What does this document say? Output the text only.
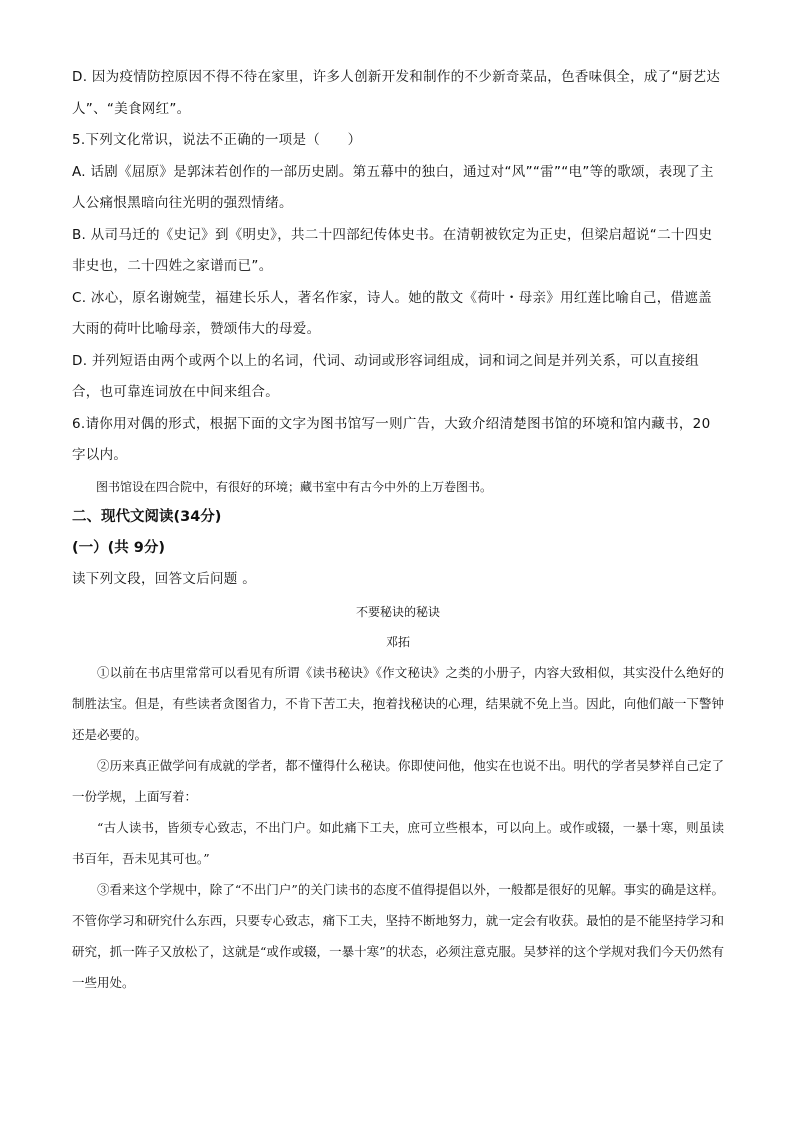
D. 因为疫情防控原因不得不待在家里，许多人创新开发和制作的不少新奇菜品，色香味俱全，成了“厨艺达人”、“美食网红”。

5.下列文化常识，说法不正确的一项是（　　）

A. 话剧《屈原》是郭沫若创作的一部历史剧。第五幕中的独白，通过对“风”“雷”“电”等的歌颂，表现了主人公痛恨黑暗向往光明的强烈情绪。

B. 从司马迁的《史记》到《明史》，共二十四部纪传体史书。在清朝被钦定为正史，但梁启超说“二十四史非史也，二十四姓之家谱而已”。

C. 冰心，原名谢婉莹，福建长乐人，著名作家，诗人。她的散文《荷叶・母亲》用红莲比喻自己，借遮盖大雨的荷叶比喻母亲，赞颂伟大的母爱。

D. 并列短语由两个或两个以上的名词，代词、动词或形容词组成，词和词之间是并列关系，可以直接组合，也可靠连词放在中间来组合。

6.请你用对偶的形式，根据下面的文字为图书馆写一则广告，大致介绍清楚图书馆的环境和馆内藏书，20字以内。

图书馆设在四合院中，有很好的环境；藏书室中有古今中外的上万卷图书。

二、现代文阅读(34分)

(一）(共 9分)

读下列文段，回答文后问题 。

不要秘诀的秘诀

邓拓

①以前在书店里常常可以看见有所谓《读书秘诀》《作文秘诀》之类的小册子，内容大致相似，其实没什么绝好的制胜法宝。但是，有些读者贪图省力，不肯下苦工夫，抱着找秘诀的心理，结果就不免上当。因此，向他们敲一下警钟还是必要的。

②历来真正做学问有成就的学者，都不懂得什么秘诀。你即使问他，他实在也说不出。明代的学者吴梦祥自己定了一份学规，上面写着：

“古人读书，皆须专心致志，不出门户。如此痛下工夫，庶可立些根本，可以向上。或作或辍，一暴十寒，则虽读书百年，吾未见其可也。”

③看来这个学规中，除了“不出门户”的关门读书的态度不值得提倡以外，一般都是很好的见解。事实的确是这样。不管你学习和研究什么东西，只要专心致志，痛下工夫，坚持不断地努力，就一定会有收获。最怕的是不能坚持学习和研究，抓一阵子又放松了，这就是“或作或辍，一暴十寒”的状态，必须注意克服。吴梦祥的这个学规对我们今天仍然有一些用处。
